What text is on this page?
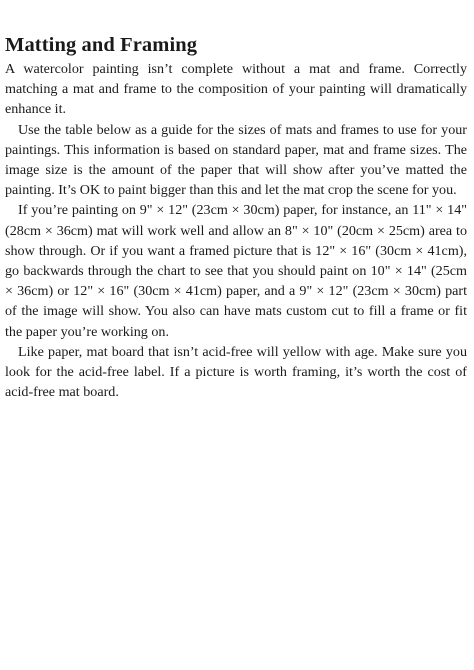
Matting and Framing

A watercolor painting isn’t complete without a mat and frame. Correctly matching a mat and frame to the composition of your painting will dramatically enhance it.

Use the table below as a guide for the sizes of mats and frames to use for your paintings. This information is based on standard paper, mat and frame sizes. The image size is the amount of the paper that will show after you’ve matted the painting. It’s OK to paint bigger than this and let the mat crop the scene for you.

If you’re painting on 9" × 12" (23cm × 30cm) paper, for instance, an 11" × 14" (28cm × 36cm) mat will work well and allow an 8" × 10" (20cm × 25cm) area to show through. Or if you want a framed picture that is 12" × 16" (30cm × 41cm), go backwards through the chart to see that you should paint on 10" × 14" (25cm × 36cm) or 12" × 16" (30cm × 41cm) paper, and a 9" × 12" (23cm × 30cm) part of the image will show. You also can have mats custom cut to fill a frame or fit the paper you’re working on.

Like paper, mat board that isn’t acid-free will yellow with age. Make sure you look for the acid-free label. If a picture is worth framing, it’s worth the cost of acid-free mat board.
